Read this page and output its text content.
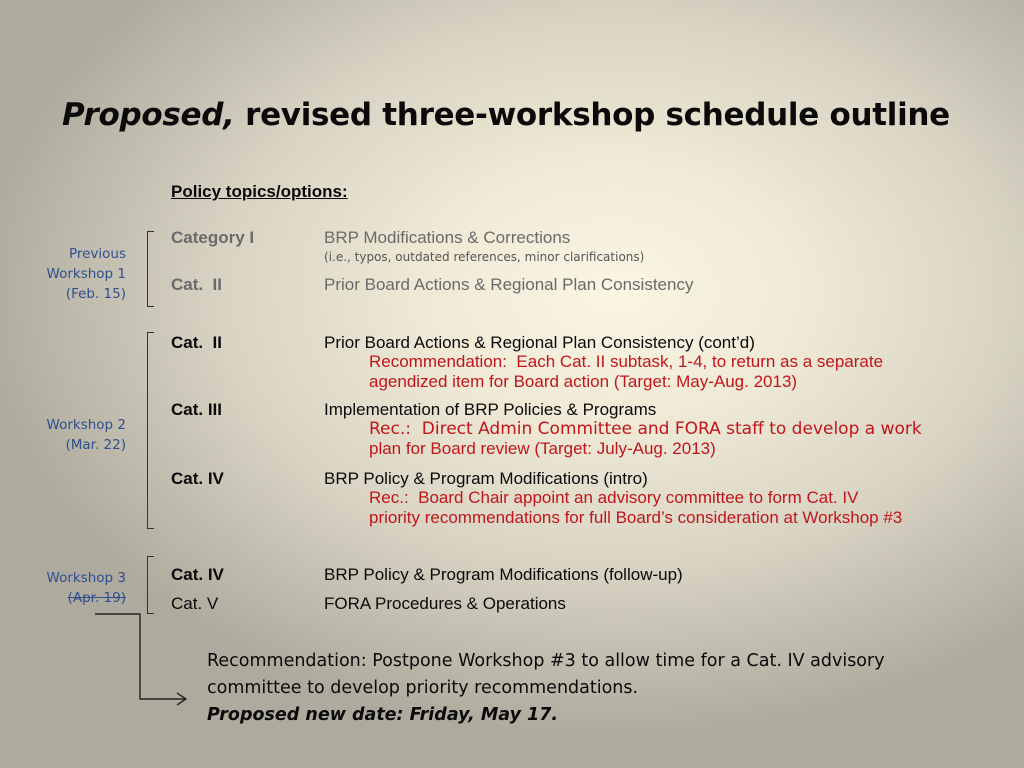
Proposed, revised three-workshop schedule outline
Policy topics/options:
Previous
Workshop 1
(Feb. 15)
Workshop 2
(Mar. 22)
Workshop 3
(Apr. 19)
Category I	BRP Modifications & Corrections
(i.e., typos, outdated references, minor clarifications)
Cat.  II	Prior Board Actions & Regional Plan Consistency
Cat.  II	Prior Board Actions & Regional Plan Consistency (cont’d)
Recommendation:  Each Cat. II subtask, 1-4, to return as a separate
agendized item for Board action (Target: May-Aug. 2013)
Cat. III	Implementation of BRP Policies & Programs
Rec.:  Direct Admin Committee and FORA staff to develop a work
plan for Board review (Target: July-Aug. 2013)
Cat. IV	BRP Policy & Program Modifications (intro)
Rec.:  Board Chair appoint an advisory committee to form Cat. IV
priority recommendations for full Board’s consideration at Workshop #3
Cat. IV	BRP Policy & Program Modifications (follow-up)
Cat. V	FORA Procedures & Operations
Recommendation: Postpone Workshop #3 to allow time for a Cat. IV advisory
committee to develop priority recommendations.
Proposed new date: Friday, May 17.
